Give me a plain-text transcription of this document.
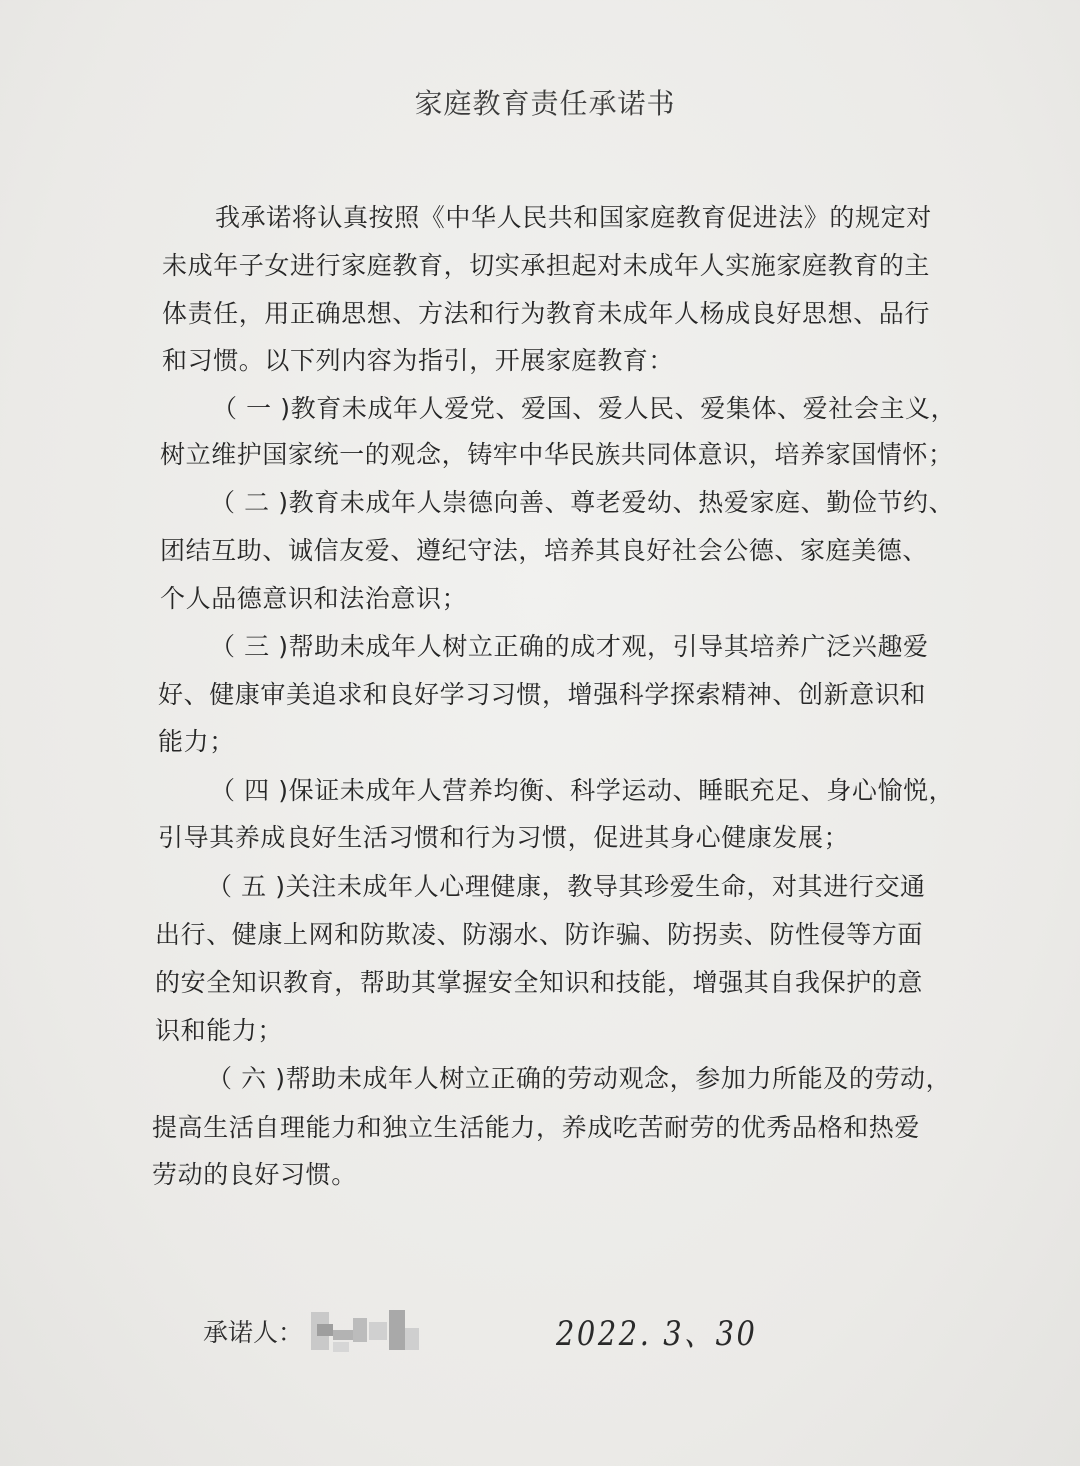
家庭教育责任承诺书
我承诺将认真按照《中华人民共和国家庭教育促进法》的规定对
未成年子女进行家庭教育，切实承担起对未成年人实施家庭教育的主
体责任，用正确思想、方法和行为教育未成年人杨成良好思想、品行
和习惯。以下列内容为指引，开展家庭教育：
（ 一 )教育未成年人爱党、爱国、爱人民、爱集体、爱社会主义，
树立维护国家统一的观念，铸牢中华民族共同体意识，培养家国情怀；
（ 二 )教育未成年人崇德向善、尊老爱幼、热爱家庭、勤俭节约、
团结互助、诚信友爱、遵纪守法，培养其良好社会公德、家庭美德、
个人品德意识和法治意识；
（ 三 )帮助未成年人树立正确的成才观，引导其培养广泛兴趣爱
好、健康审美追求和良好学习习惯，增强科学探索精神、创新意识和
能力；
（ 四 )保证未成年人营养均衡、科学运动、睡眠充足、身心愉悦，
引导其养成良好生活习惯和行为习惯，促进其身心健康发展；
（ 五 )关注未成年人心理健康，教导其珍爱生命，对其进行交通
出行、健康上网和防欺凌、防溺水、防诈骗、防拐卖、防性侵等方面
的安全知识教育，帮助其掌握安全知识和技能，增强其自我保护的意
识和能力；
（ 六 )帮助未成年人树立正确的劳动观念，参加力所能及的劳动，
提高生活自理能力和独立生活能力，养成吃苦耐劳的优秀品格和热爱
劳动的良好习惯。
承诺人：	2022. 3、30
